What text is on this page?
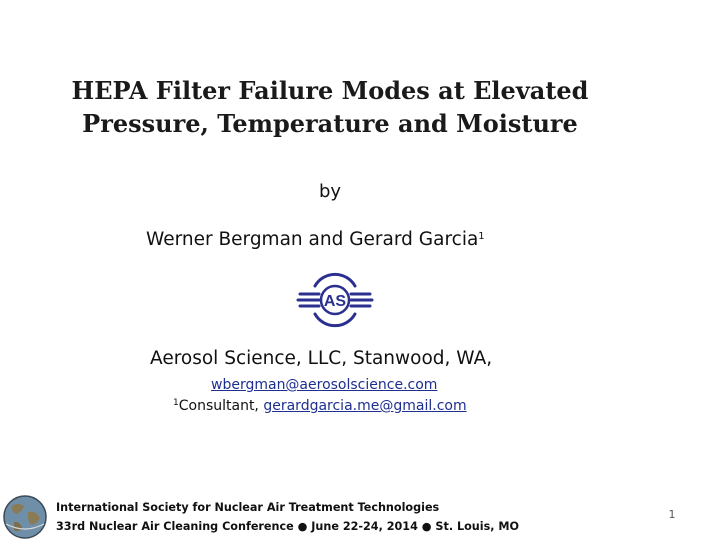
HEPA Filter Failure Modes at Elevated
Pressure, Temperature and Moisture
by
Werner Bergman and Gerard Garcia$^1$
AS
Aerosol Science, LLC, Stanwood, WA,
wbergman@aerosolscience.com
$^1$Consultant, gerardgarcia.me@gmail.com
International Society for Nuclear Air Treatment Technologies
33rd Nuclear Air Cleaning Conference ● June 22-24, 2014 ● St. Louis, MO
1
